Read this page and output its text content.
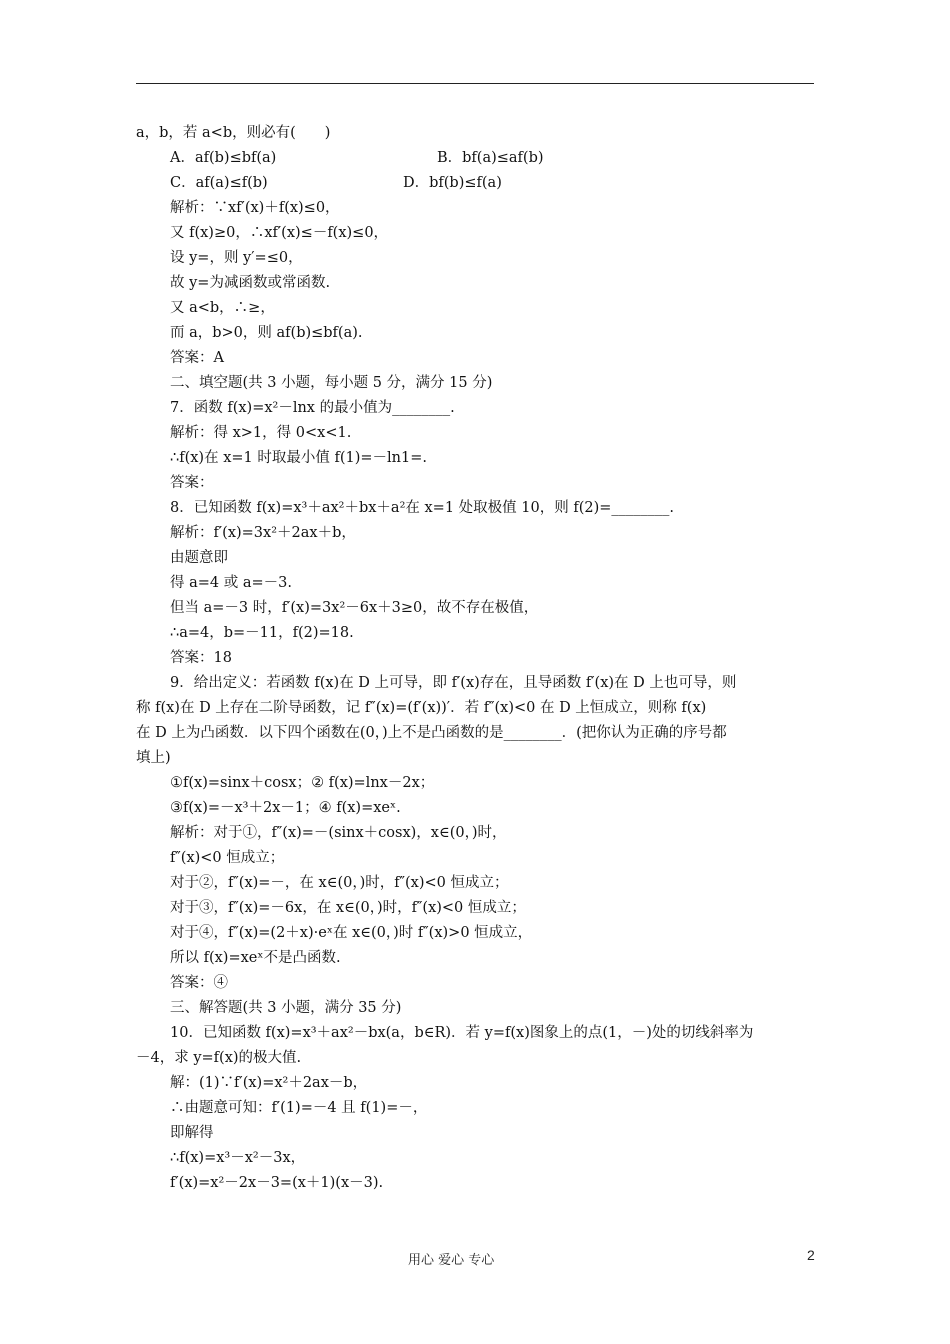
a，b，若 a<b，则必有(　　)
A．af(b)≤bf(a)	B．bf(a)≤af(b)
C．af(a)≤f(b)	D．bf(b)≤f(a)
解析：∵xf′(x)＋f(x)≤0，
又 f(x)≥0，∴xf′(x)≤－f(x)≤0，
设 y=，则 y′=≤0，
故 y=为减函数或常函数.
又 a<b，∴≥，
而 a，b>0，则 af(b)≤bf(a).
答案：A
二、填空题(共 3 小题，每小题 5 分，满分 15 分)
7．函数 f(x)=x²－lnx 的最小值为________.
解析：得 x>1，得 0<x<1.
∴f(x)在 x=1 时取最小值 f(1)=－ln1=.
答案：
8．已知函数 f(x)=x³＋ax²＋bx＋a²在 x=1 处取极值 10，则 f(2)=________.
解析：f′(x)=3x²＋2ax＋b，
由题意即
得 a=4 或 a=－3.
但当 a=－3 时，f′(x)=3x²－6x＋3≥0，故不存在极值，
∴a=4，b=－11，f(2)=18.
答案：18
9．给出定义：若函数 f(x)在 D 上可导，即 f′(x)存在，且导函数 f′(x)在 D 上也可导，则
称 f(x)在 D 上存在二阶导函数，记 f″(x)=(f′(x))′．若 f″(x)<0 在 D 上恒成立，则称 f(x)
在 D 上为凸函数．以下四个函数在(0，)上不是凸函数的是________．(把你认为正确的序号都
填上)
①f(x)=sinx＋cosx；② f(x)=lnx－2x；
③f(x)=－x³＋2x－1；④ f(x)=xeˣ.
解析：对于①，f″(x)=－(sinx＋cosx)，x∈(0，)时，
f″(x)<0 恒成立；
对于②，f″(x)=－，在 x∈(0，)时，f″(x)<0 恒成立；
对于③，f″(x)=－6x，在 x∈(0，)时，f″(x)<0 恒成立；
对于④，f″(x)=(2＋x)·eˣ在 x∈(0，)时 f″(x)>0 恒成立，
所以 f(x)=xeˣ不是凸函数.
答案：④
三、解答题(共 3 小题，满分 35 分)
10．已知函数 f(x)=x³＋ax²－bx(a，b∈R)．若 y=f(x)图象上的点(1，－)处的切线斜率为
－4，求 y=f(x)的极大值.
解：(1)∵f′(x)=x²＋2ax－b，
∴由题意可知：f′(1)=－4 且 f(1)=－，
即解得
∴f(x)=x³－x²－3x，
f′(x)=x²－2x－3=(x＋1)(x－3).
用心 爱心 专心	2
